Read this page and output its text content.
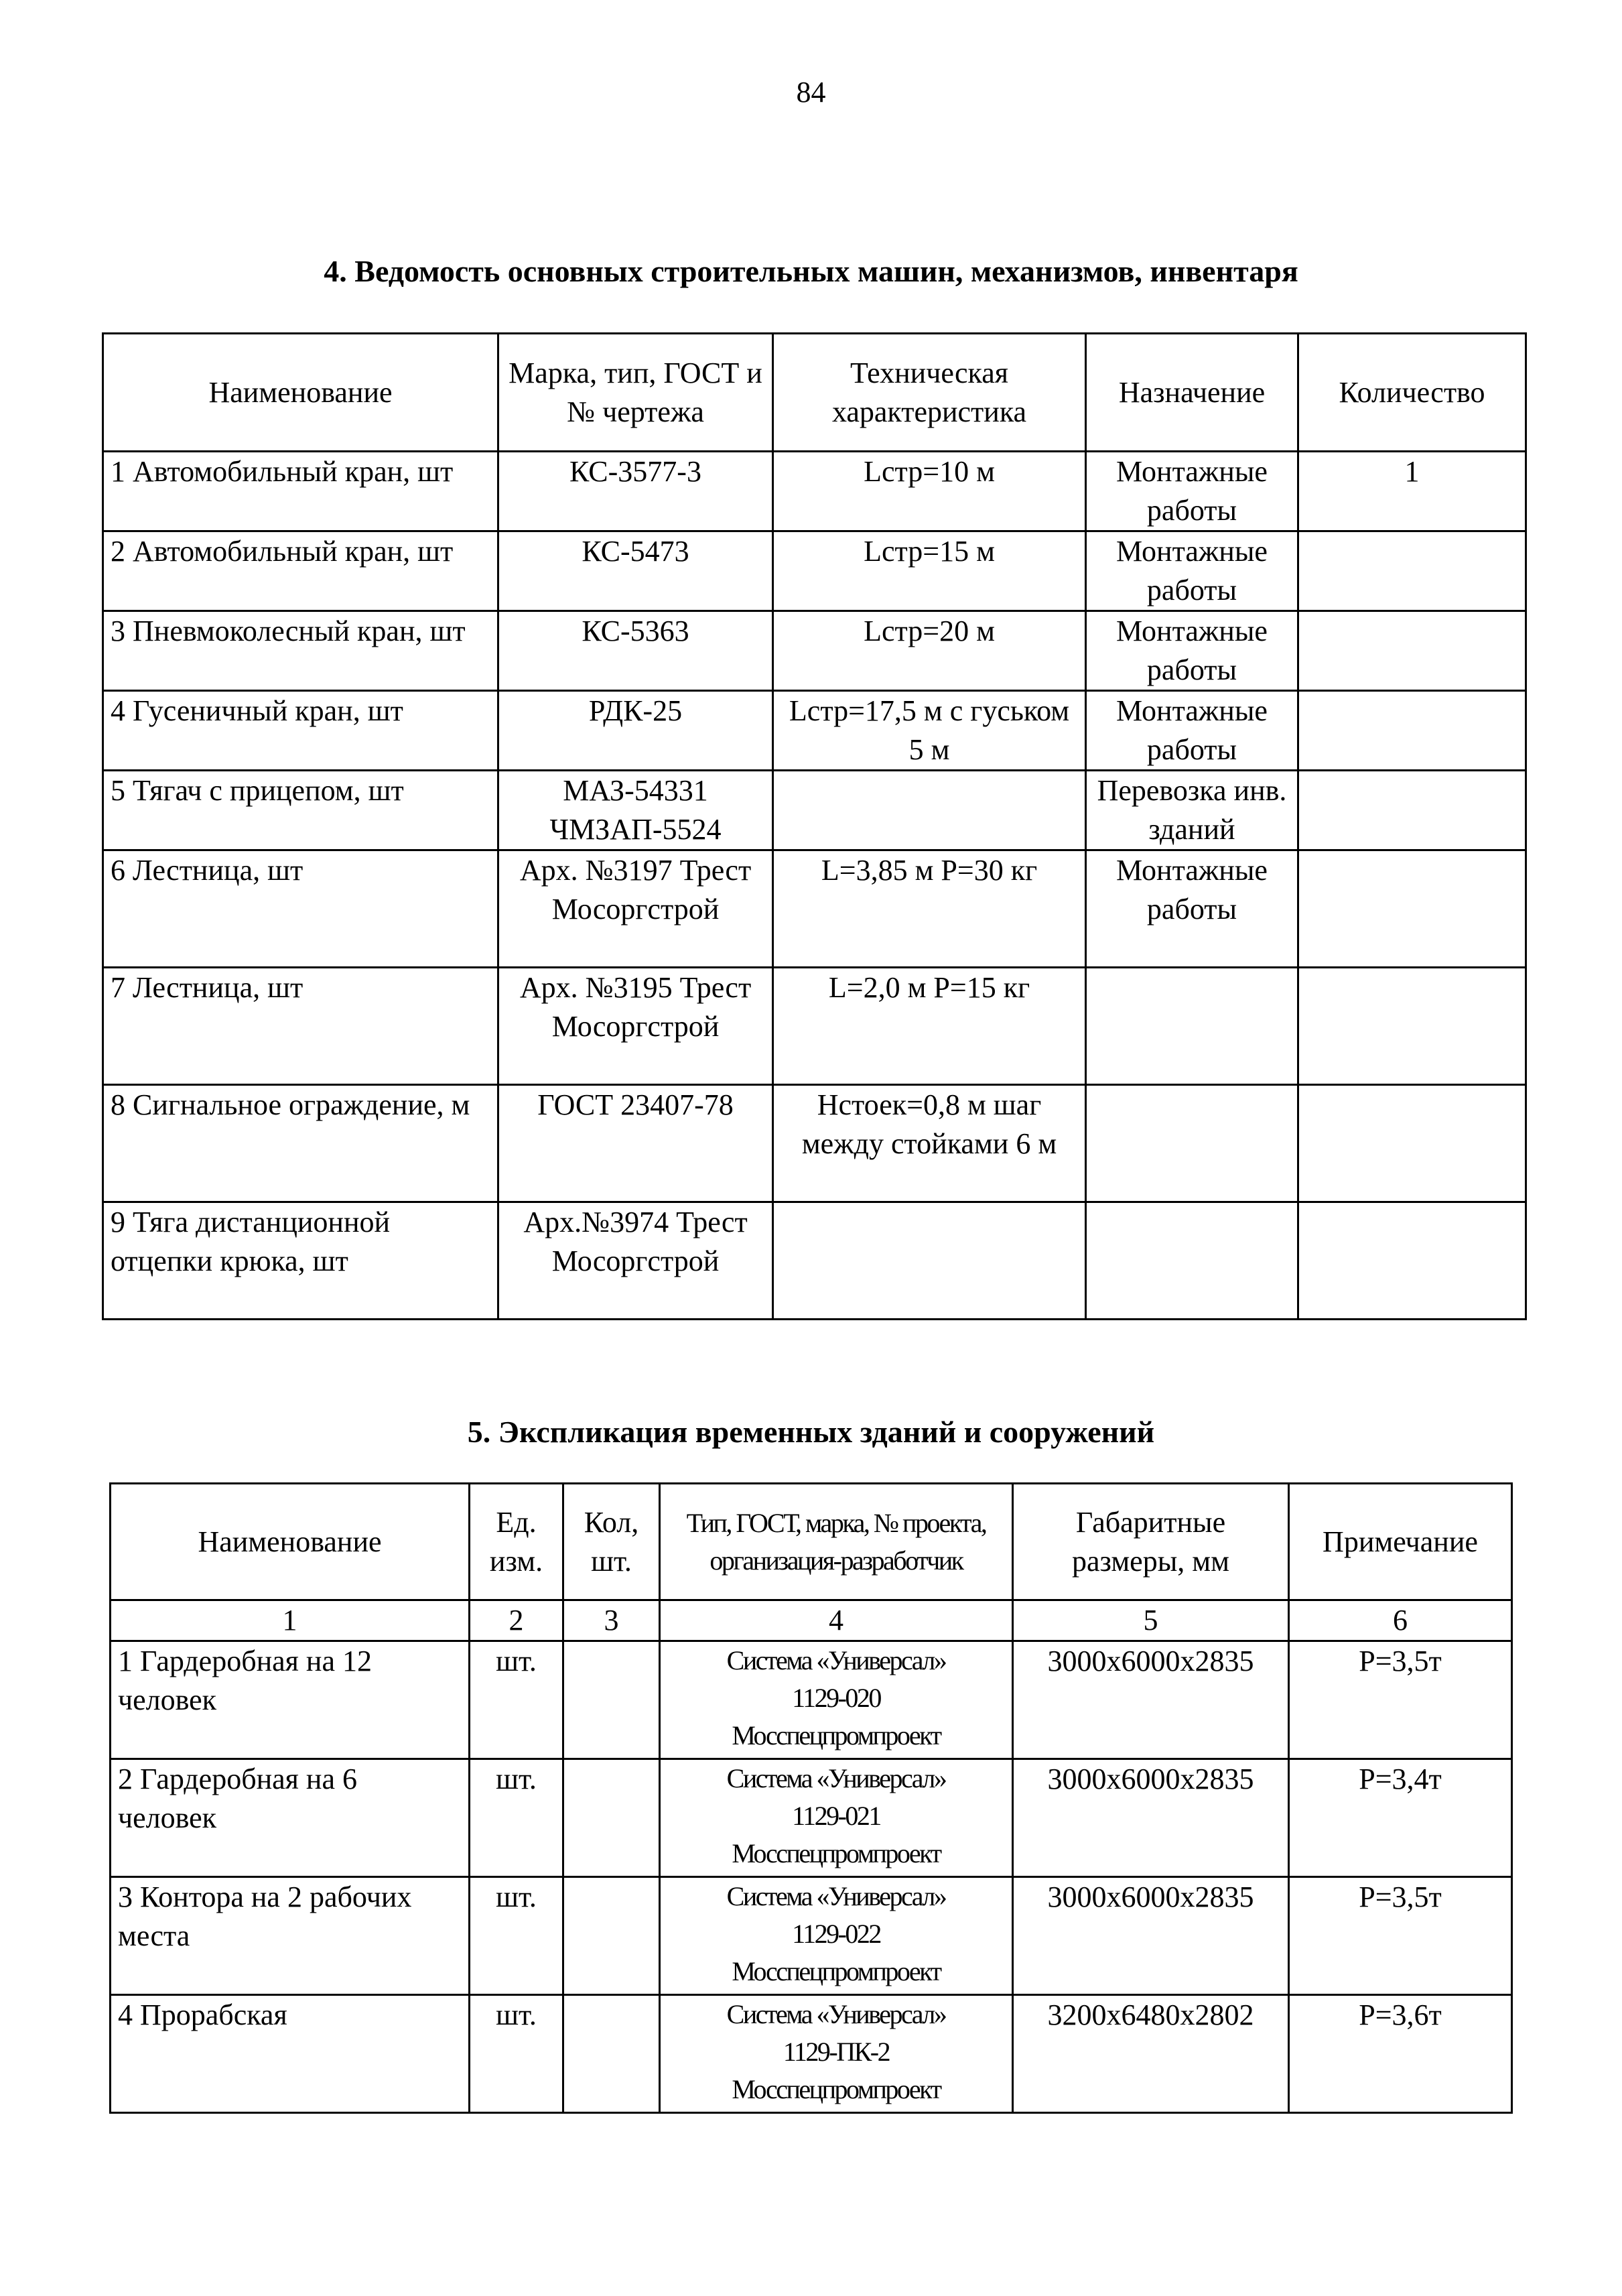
84
4. Ведомость основных строительных машин, механизмов, инвентаря
Наименование	Марка, тип, ГОСТ и № чертежа	Техническая характеристика	Назначение	Количество
1 Автомобильный кран, шт	КС-3577-3	Lстр=10 м	Монтажные работы	1
2 Автомобильный кран, шт	КС-5473	Lстр=15 м	Монтажные работы	
3 Пневмоколесный кран, шт	КС-5363	Lстр=20 м	Монтажные работы	
4 Гусеничный кран, шт	РДК-25	Lстр=17,5 м с гуськом 5 м	Монтажные работы	
5 Тягач с прицепом, шт	МАЗ-54331 ЧМЗАП-5524		Перевозка инв. зданий	
6 Лестница, шт	Арх. №3197 Трест Мосоргстрой	L=3,85 м Р=30 кг	Монтажные работы	
7 Лестница, шт	Арх. №3195 Трест Мосоргстрой	L=2,0 м Р=15 кг		
8 Сигнальное ограждение, м	ГОСТ 23407-78	Нстоек=0,8 м шаг между стойками 6 м		
9 Тяга дистанционной отцепки крюка, шт	Арх.№3974 Трест Мосоргстрой			
5. Экспликация временных зданий и сооружений
Наименование	Ед. изм.	Кол, шт.	Тип, ГОСТ, марка, № проекта, организация-разработчик	Габаритные размеры, мм	Примечание
1	2	3	4	5	6
1 Гардеробная на 12 человек	шт.		Система «Универсал»
1129-020
Мосспецпромпроект	3000х6000х2835	Р=3,5т
2 Гардеробная на 6 человек	шт.		Система «Универсал»
1129-021
Мосспецпромпроект	3000х6000х2835	Р=3,4т
3 Контора на 2 рабочих места	шт.		Система «Универсал»
1129-022
Мосспецпромпроект	3000х6000х2835	Р=3,5т
4 Прорабская	шт.		Система «Универсал»
1129-ПК-2
Мосспецпромпроект	3200х6480х2802	Р=3,6т
